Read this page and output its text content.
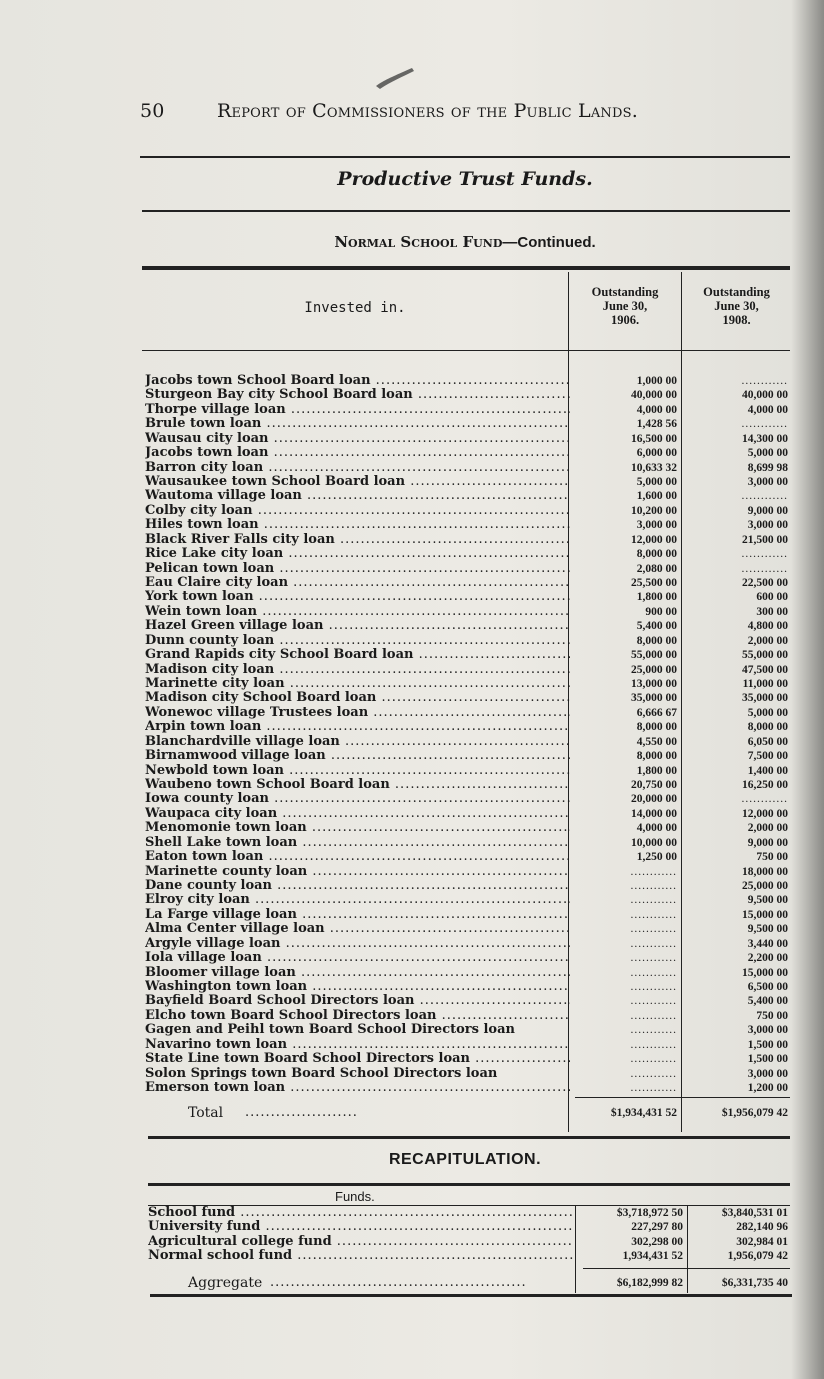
50	Report of Commissioners of the Public Lands.
Productive Trust Funds.
Normal School Fund—Continued.
Invested in.
Outstanding
June 30,
1906.
Outstanding
June 30,
1908.
Jacobs town School Board loan .....	1,000 00	............
Sturgeon Bay city School Board loan .....	40,000 00	40,000 00
Thorpe village loan .....	4,000 00	4,000 00
Brule town loan .....	1,428 56	............
Wausau city loan .....	16,500 00	14,300 00
Jacobs town loan .....	6,000 00	5,000 00
Barron city loan .....	10,633 32	8,699 98
Wausaukee town School Board loan .....	5,000 00	3,000 00
Wautoma village loan .....	1,600 00	............
Colby city loan .....	10,200 00	9,000 00
Hiles town loan .....	3,000 00	3,000 00
Black River Falls city loan .....	12,000 00	21,500 00
Rice Lake city loan .....	8,000 00	............
Pelican town loan .....	2,080 00	............
Eau Claire city loan .....	25,500 00	22,500 00
York town loan .....	1,800 00	600 00
Wein town loan .....	900 00	300 00
Hazel Green village loan .....	5,400 00	4,800 00
Dunn county loan .....	8,000 00	2,000 00
Grand Rapids city School Board loan .....	55,000 00	55,000 00
Madison city loan .....	25,000 00	47,500 00
Marinette city loan .....	13,000 00	11,000 00
Madison city School Board loan .....	35,000 00	35,000 00
Wonewoc village Trustees loan .....	6,666 67	5,000 00
Arpin town loan .....	8,000 00	8,000 00
Blanchardville village loan .....	4,550 00	6,050 00
Birnamwood village loan .....	8,000 00	7,500 00
Newbold town loan .....	1,800 00	1,400 00
Waubeno town School Board loan .....	20,750 00	16,250 00
Iowa county loan .....	20,000 00	............
Waupaca city loan .....	14,000 00	12,000 00
Menomonie town loan .....	4,000 00	2,000 00
Shell Lake town loan .....	10,000 00	9,000 00
Eaton town loan .....	1,250 00	750 00
Marinette county loan .....	............	18,000 00
Dane county loan .....	............	25,000 00
Elroy city loan .....	............	9,500 00
La Farge village loan .....	............	15,000 00
Alma Center village loan .....	............	9,500 00
Argyle village loan .....	............	3,440 00
Iola village loan .....	............	2,200 00
Bloomer village loan .....	............	15,000 00
Washington town loan .....	............	6,500 00
Bayfield Board School Directors loan .....	............	5,400 00
Elcho town Board School Directors loan .....	............	750 00
Gagen and Peihl town Board School Directors loan	............	3,000 00
Navarino town loan .....	............	1,500 00
State Line town Board School Directors loan .....	............	1,500 00
Solon Springs town Board School Directors loan	............	3,000 00
Emerson town loan .....	............	1,200 00
Total ......................	$1,934,431 52	$1,956,079 42
RECAPITULATION.
Funds.
School fund .....	$3,718,972 50	$3,840,531 01
University fund .....	227,297 80	282,140 96
Agricultural college fund .....	302,298 00	302,984 01
Normal school fund .....	1,934,431 52	1,956,079 42
Aggregate ..................................................	$6,182,999 82	$6,331,735 40
